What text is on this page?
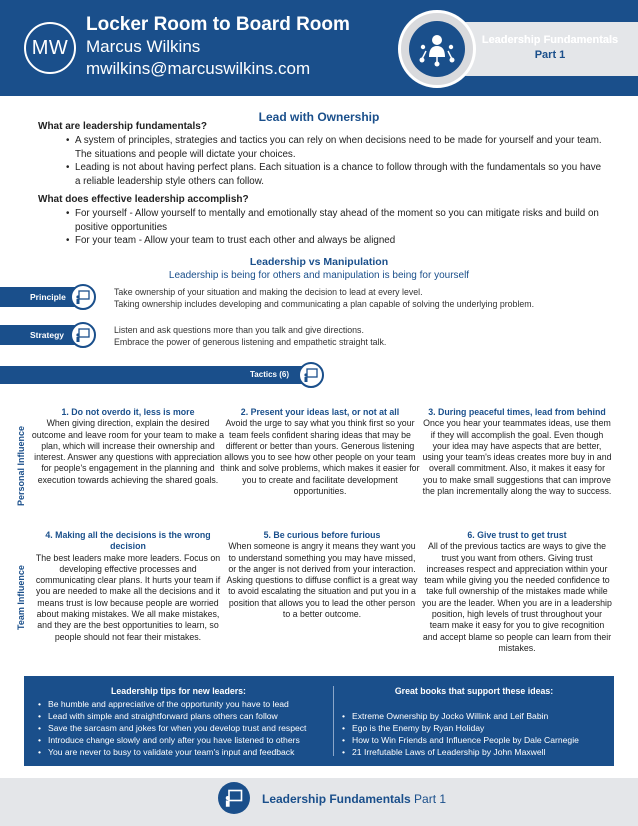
MW
Locker Room to Board Room
Marcus Wilkins
mwilkins@marcuswilkins.com
Leadership Fundamentals
Part 1
Lead with Ownership
What are leadership fundamentals?
• A system of principles, strategies and tactics you can rely on when decisions need to be made for yourself and your team. The situations and people will dictate your choices.
• Leading is not about having perfect plans. Each situation is a chance to follow through with the fundamentals so you have a reliable leadership style others can follow.
What does effective leadership accomplish?
• For yourself - Allow yourself to mentally and emotionally stay ahead of the moment so you can mitigate risks and build on positive opportunities
• For your team - Allow your team to trust each other and always be aligned
Leadership vs Manipulation
Leadership is being for others and manipulation is being for yourself
Principle	Take ownership of your situation and making the decision to lead at every level.
Taking ownership includes developing and communicating a plan capable of solving the underlying problem.
Strategy	Listen and ask questions more than you talk and give directions.
Embrace the power of generous listening and empathetic straight talk.
Tactics (6)
Personal Influence
Team Influence
1. Do not overdo it, less is more
When giving direction, explain the desired outcome and leave room for your team to make a plan, which will increase their ownership and interest. Answer any questions with appreciation for people's engagement in the planning and execution towards achieving the shared goals.
2. Present your ideas last, or not at all
Avoid the urge to say what you think first so your team feels confident sharing ideas that may be different or better than yours. Generous listening allows you to see how other people on your team think and solve problems, which makes it easier for you to create and facilitate development opportunities.
3. During peaceful times, lead from behind
Once you hear your teammates ideas, use them if they will accomplish the goal. Even though your idea may have aspects that are better, using your team's ideas creates more buy in and overall commitment. Also, it makes it easy for you to make small suggestions that can improve the plan incrementally along the way to success.
4. Making all the decisions is the wrong decision
The best leaders make more leaders. Focus on developing effective processes and communicating clear plans. It hurts your team if you are needed to make all the decisions and it means trust is low because people are worried about making mistakes. We all make mistakes, and they are the best opportunities to learn, so people should not fear their mistakes.
5. Be curious before furious
When someone is angry it means they want you to understand something you may have missed, or the anger is not derived from your interaction. Asking questions to diffuse conflict is a great way to avoid escalating the situation and put you in a position that allows you to lead the other person to a better outcome.
6. Give trust to get trust
All of the previous tactics are ways to give the trust you want from others. Giving trust increases respect and appreciation within your team while giving you the needed confidence to take full ownership of the mistakes made while you are the leader. When you are in a leadership position, high levels of trust throughout your team make it easy for you to give recognition and accept blame so people can learn from their mistakes.
Leadership tips for new leaders:
• Be humble and appreciative of the opportunity you have to lead
• Lead with simple and straightforward plans others can follow
• Save the sarcasm and jokes for when you develop trust and respect
• Introduce change slowly and only after you have listened to others
• You are never to busy to validate your team's input and feedback
Great books that support these ideas:
• Extreme Ownership by Jocko Willink and Leif Babin
• Ego is the Enemy by Ryan Holiday
• How to Win Friends and Influence People by Dale Carnegie
• 21 Irrefutable Laws of Leadership by John Maxwell
Leadership Fundamentals Part 1
